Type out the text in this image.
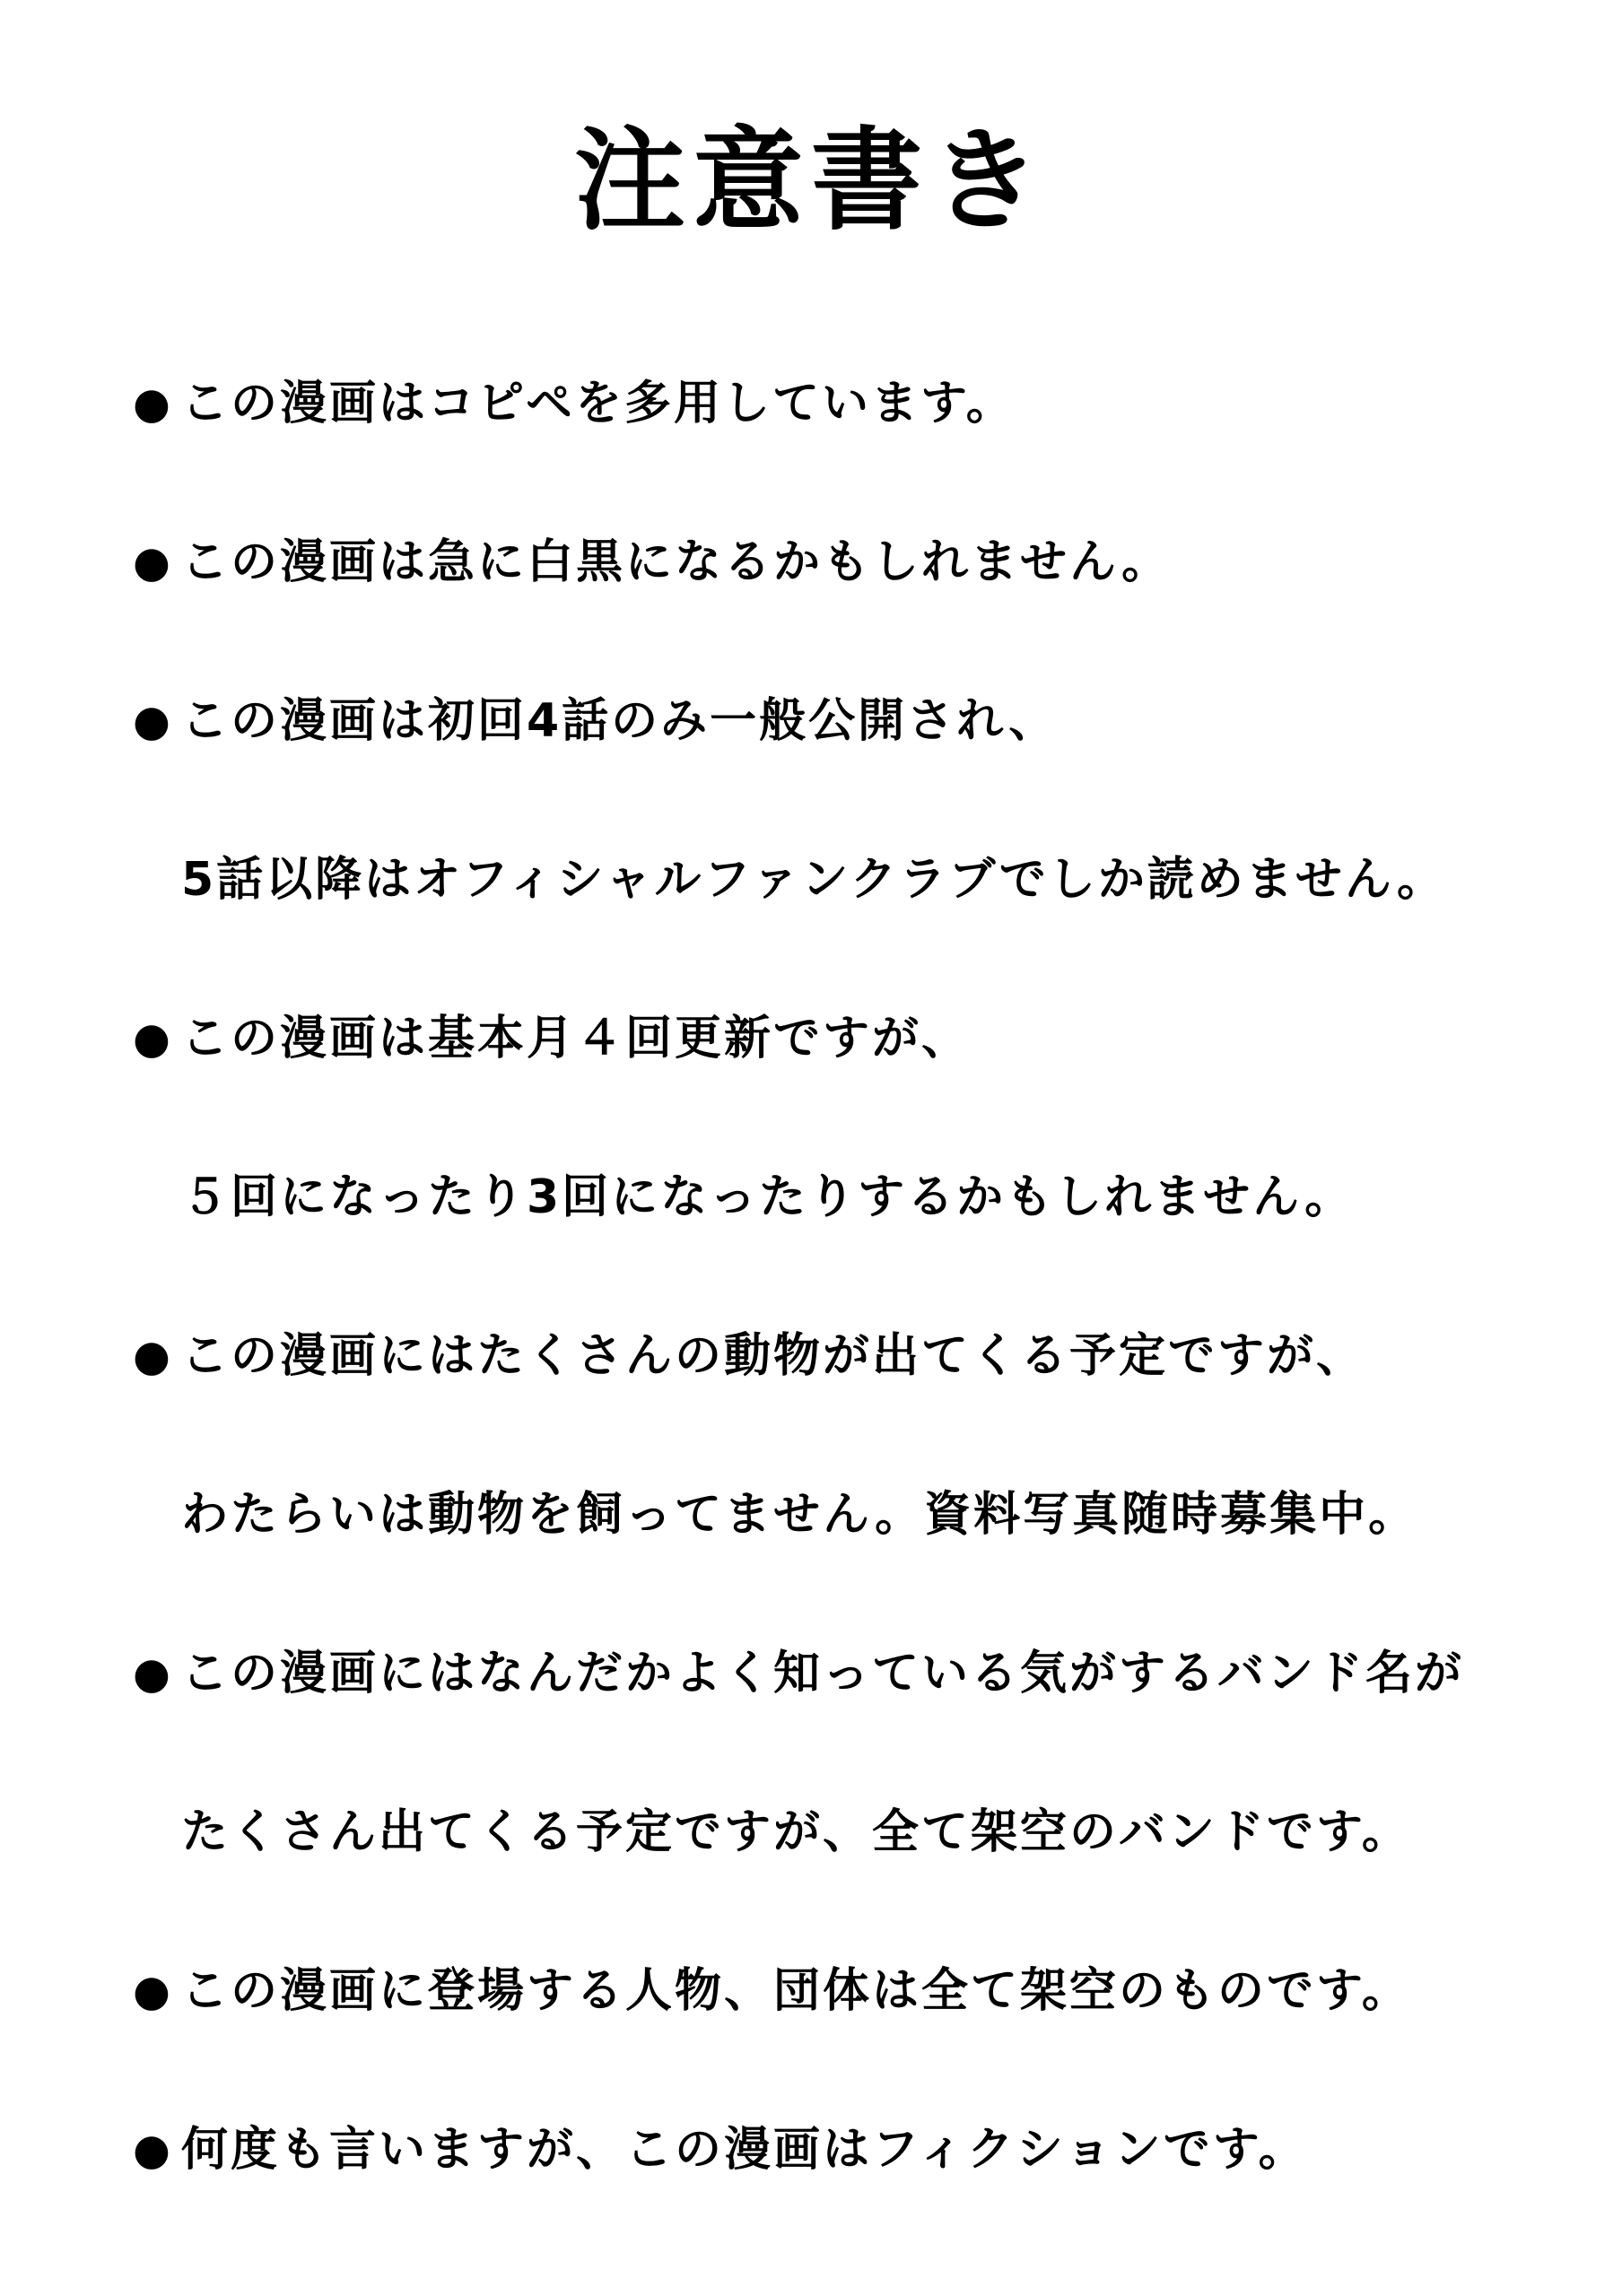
注意書き
● この漫画はコピペを多用しています。
● この漫画は急に白黒になるかもしれません。
● この漫画は初回4話のみ一般公開され、
5話以降はオフィシャルファンクラブでしか読めません。
● この漫画は基本月４回更新ですが、
５回になったり3回になったりするかもしれません。
● この漫画にはたくさんの動物が出てくる予定ですが、
わたらいは動物を飼ってません。資料写真随時募集中。
● この漫画にはなんだかよく知っている気がするバンド名が
たくさん出てくる予定ですが、全て架空のバンドです。
● この漫画に登場する人物、団体は全て架空のものです。
● 何度も言いますが、この漫画はフィクションです。
